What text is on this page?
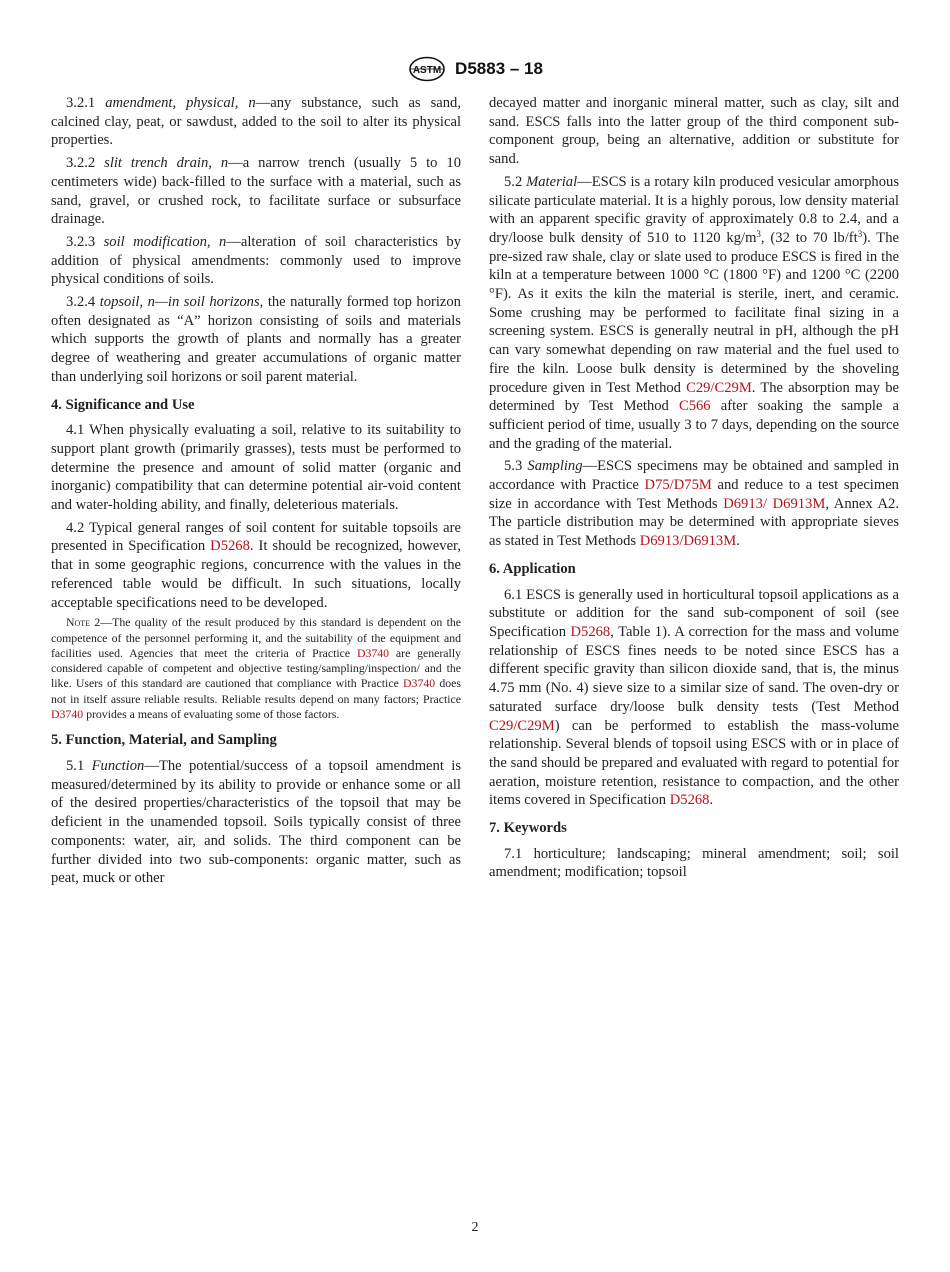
ASTM D5883 – 18

3.2.1 amendment, physical, n—any substance, such as sand, calcined clay, peat, or sawdust, added to the soil to alter its physical properties.

3.2.2 slit trench drain, n—a narrow trench (usually 5 to 10 centimeters wide) back-filled to the surface with a material, such as sand, gravel, or crushed rock, to facilitate surface or subsurface drainage.

3.2.3 soil modification, n—alteration of soil characteristics by addition of physical amendments: commonly used to improve physical conditions of soils.

3.2.4 topsoil, n—in soil horizons, the naturally formed top horizon often designated as “A” horizon consisting of soils and materials which supports the growth of plants and normally has a greater degree of weathering and greater accumulations of organic matter than underlying soil horizons or soil parent material.

4. Significance and Use

4.1 When physically evaluating a soil, relative to its suitability to support plant growth (primarily grasses), tests must be performed to determine the presence and amount of solid matter (organic and inorganic) compatibility that can determine potential air-void content and water-holding ability, and finally, deleterious materials.

4.2 Typical general ranges of soil content for suitable topsoils are presented in Specification D5268. It should be recognized, however, that in some geographic regions, concurrence with the values in the referenced table would be difficult. In such situations, locally acceptable specifications need to be developed.

Note 2—The quality of the result produced by this standard is dependent on the competence of the personnel performing it, and the suitability of the equipment and facilities used. Agencies that meet the criteria of Practice D3740 are generally considered capable of competent and objective testing/sampling/inspection/ and the like. Users of this standard are cautioned that compliance with Practice D3740 does not in itself assure reliable results. Reliable results depend on many factors; Practice D3740 provides a means of evaluating some of those factors.

5. Function, Material, and Sampling

5.1 Function—The potential/success of a topsoil amendment is measured/determined by its ability to provide or enhance some or all of the desired properties/characteristics of the topsoil that may be deficient in the unamended topsoil. Soils typically consist of three components: water, air, and solids. The third component can be further divided into two sub-components: organic matter, such as peat, muck or other

decayed matter and inorganic mineral matter, such as clay, silt and sand. ESCS falls into the latter group of the third component sub-component group, being an alternative, addition or substitute for sand.

5.2 Material—ESCS is a rotary kiln produced vesicular amorphous silicate particulate material. It is a highly porous, low density material with an apparent specific gravity of approximately 0.8 to 2.4, and a dry/loose bulk density of 510 to 1120 $kg/m^3$, (32 to 70 $lb/ft^3$). The pre-sized raw shale, clay or slate used to produce ESCS is fired in the kiln at a temperature between 1000 °C (1800 °F) and 1200 °C (2200 °F). As it exits the kiln the material is sterile, inert, and ceramic. Some crushing may be performed to facilitate final sizing in a screening system. ESCS is generally neutral in pH, although the pH can vary somewhat depending on raw material and the fuel used to fire the kiln. Loose bulk density is determined by the shoveling procedure given in Test Method C29/C29M. The absorption may be determined by Test Method C566 after soaking the sample a sufficient period of time, usually 3 to 7 days, depending on the source and the grading of the material.

5.3 Sampling—ESCS specimens may be obtained and sampled in accordance with Practice D75/D75M and reduce to a test specimen size in accordance with Test Methods D6913/ D6913M, Annex A2. The particle distribution may be determined with appropriate sieves as stated in Test Methods D6913/D6913M.

6. Application

6.1 ESCS is generally used in horticultural topsoil applications as a substitute or addition for the sand sub-component of soil (see Specification D5268, Table 1). A correction for the mass and volume relationship of ESCS fines needs to be noted since ESCS has a different specific gravity than silicon dioxide sand, that is, the minus 4.75 mm (No. 4) sieve size to a similar size of sand. The oven-dry or saturated surface dry/loose bulk density tests (Test Method C29/C29M) can be performed to establish the mass-volume relationship. Several blends of topsoil using ESCS with or in place of the sand should be prepared and evaluated with regard to potential for aeration, moisture retention, resistance to compaction, and the other items covered in Specification D5268.

7. Keywords

7.1 horticulture; landscaping; mineral amendment; soil; soil amendment; modification; topsoil

2
